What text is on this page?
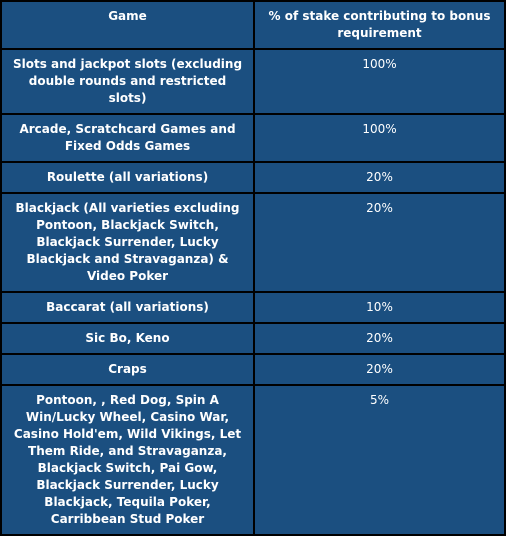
Game	% of stake contributing to bonus requirement
Slots and jackpot slots (excluding double rounds and restricted slots)	100%
Arcade, Scratchcard Games and Fixed Odds Games	100%
Roulette (all variations)	20%
Blackjack (All varieties excluding Pontoon, Blackjack Switch, Blackjack Surrender, Lucky Blackjack and Stravaganza) & Video Poker	20%
Baccarat (all variations)	10%
Sic Bo, Keno	20%
Craps	20%
Pontoon, , Red Dog, Spin A Win/Lucky Wheel, Casino War, Casino Hold'em, Wild Vikings, Let Them Ride, and Stravaganza, Blackjack Switch, Pai Gow, Blackjack Surrender, Lucky Blackjack, Tequila Poker, Carribbean Stud Poker	5%
